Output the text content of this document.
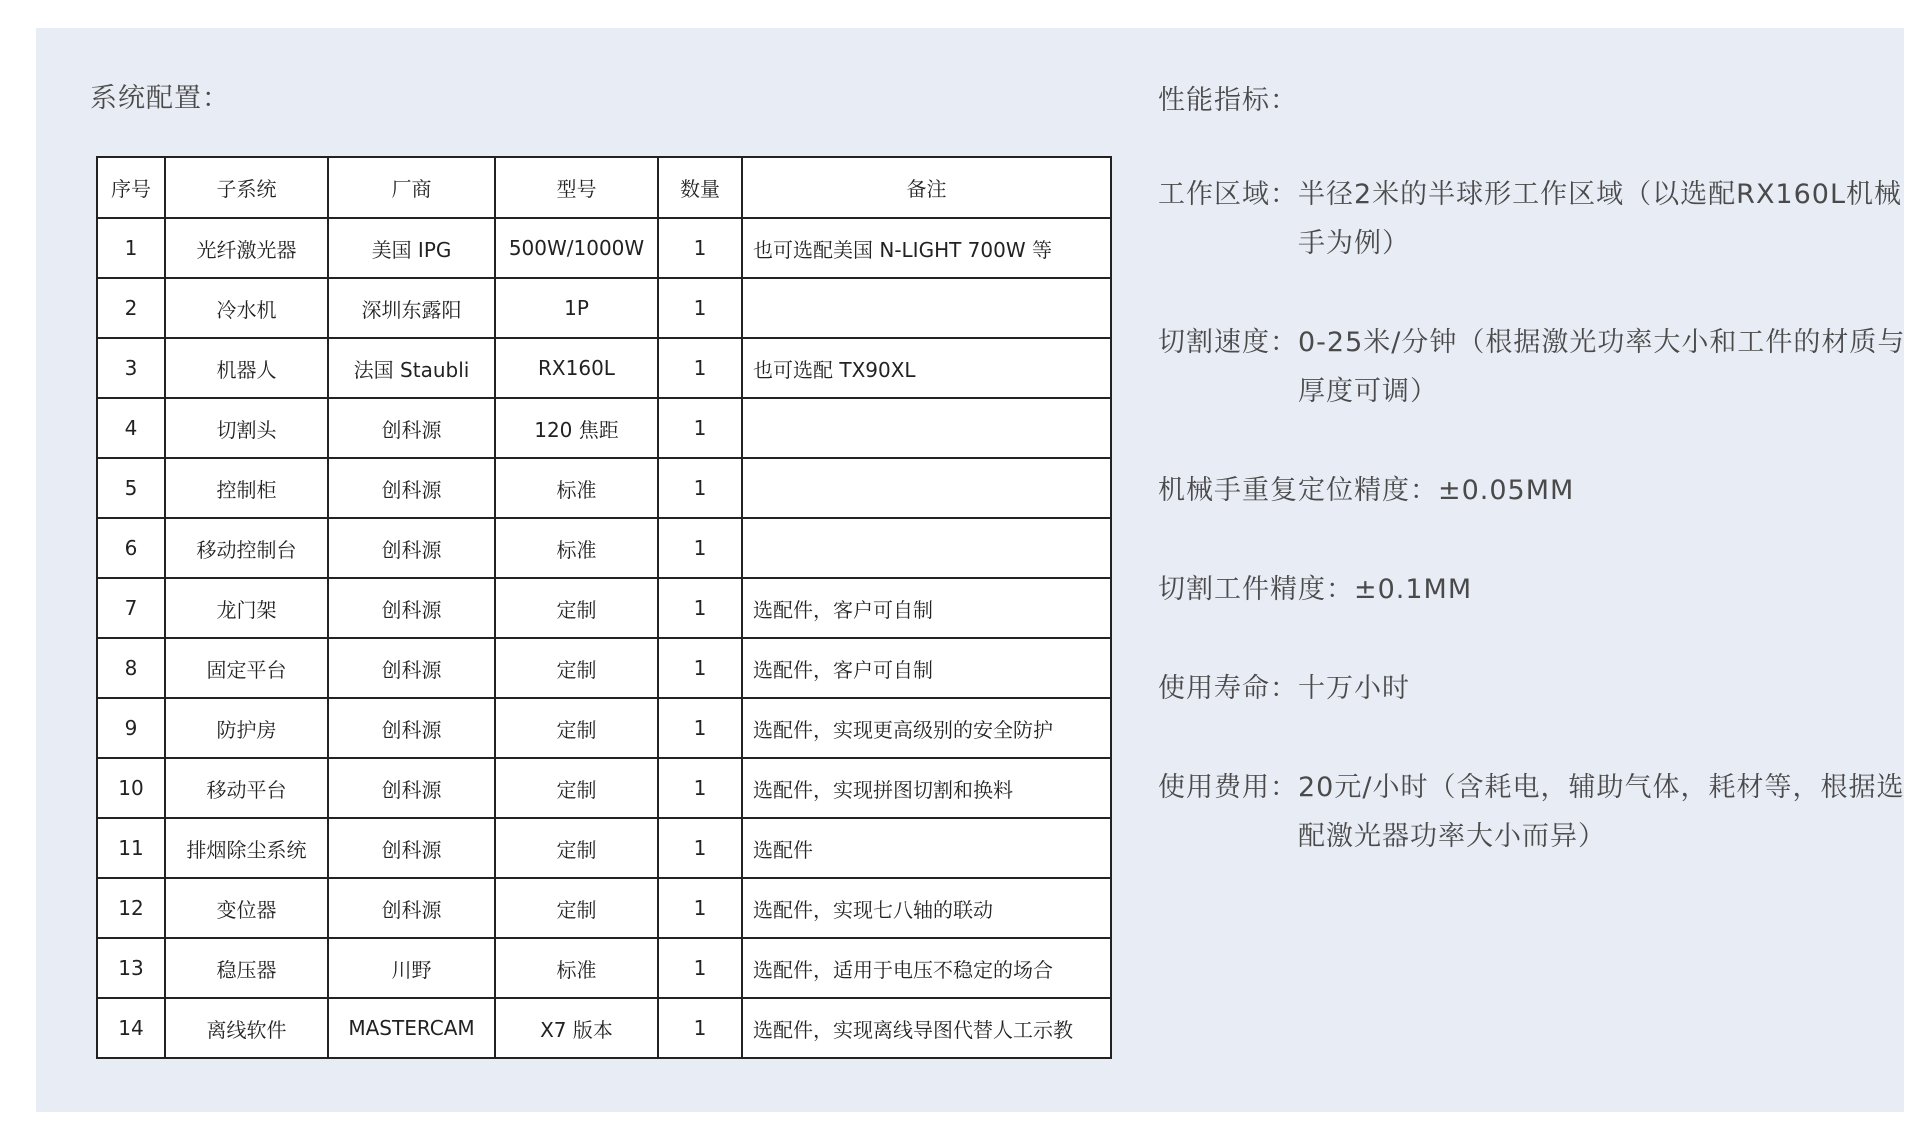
系统配置：	性能指标：
序号	子系统	厂商	型号	数量	备注
1	光纤激光器	美国 IPG	500W/1000W	1	也可选配美国 N-LIGHT 700W 等
2	冷水机	深圳东露阳	1P	1	
3	机器人	法国 Staubli	RX160L	1	也可选配 TX90XL
4	切割头	创科源	120 焦距	1	
5	控制柜	创科源	标准	1	
6	移动控制台	创科源	标准	1	
7	龙门架	创科源	定制	1	选配件，客户可自制
8	固定平台	创科源	定制	1	选配件，客户可自制
9	防护房	创科源	定制	1	选配件，实现更高级别的安全防护
10	移动平台	创科源	定制	1	选配件，实现拼图切割和换料
11	排烟除尘系统	创科源	定制	1	选配件
12	变位器	创科源	定制	1	选配件，实现七八轴的联动
13	稳压器	川野	标准	1	选配件，适用于电压不稳定的场合
14	离线软件	MASTERCAM	X7 版本	1	选配件，实现离线导图代替人工示教
工作区域： 半径2米的半球形工作区域（以选配RX160L机械手为例）
切割速度： 0-25米/分钟（根据激光功率大小和工件的材质与厚度可调）
机械手重复定位精度： ±0.05MM
切割工件精度： ±0.1MM
使用寿命： 十万小时
使用费用： 20元/小时（含耗电，辅助气体，耗材等，根据选配激光器功率大小而异）
